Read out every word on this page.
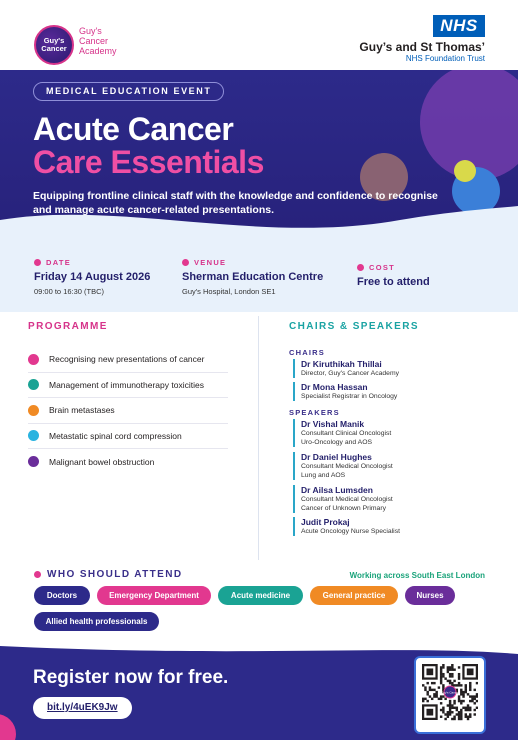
Guy's Cancer
Guy's
Cancer
Academy
NHS
Guy’s and St Thomas’
NHS Foundation Trust
MEDICAL EDUCATION EVENT
Acute Cancer
Care Essentials
Equipping frontline clinical staff with the knowledge and confidence to recognise and manage acute cancer-related presentations.
DATE
Friday 14 August 2026
09:00 to 16:30 (TBC)
VENUE
Sherman Education Centre
Guy's Hospital, London SE1
COST
Free to attend
PROGRAMME
Recognising new presentations of cancer
Management of immunotherapy toxicities
Brain metastases
Metastatic spinal cord compression
Malignant bowel obstruction
CHAIRS & SPEAKERS
CHAIRS
Dr Kiruthikah Thillai
Director, Guy's Cancer Academy
Dr Mona Hassan
Specialist Registrar in Oncology
SPEAKERS
Dr Vishal Manik
Consultant Clinical Oncologist
Uro-Oncology and AOS
Dr Daniel Hughes
Consultant Medical Oncologist
Lung and AOS
Dr Ailsa Lumsden
Consultant Medical Oncologist
Cancer of Unknown Primary
Judit Prokaj
Acute Oncology Nurse Specialist
WHO SHOULD ATTEND	Working across South East London
Doctors	Emergency Department	Acute medicine	General practice	Nurses
Allied health professionals
Register now for free.
bit.ly/4uEK9Jw
Guy's Cancer
